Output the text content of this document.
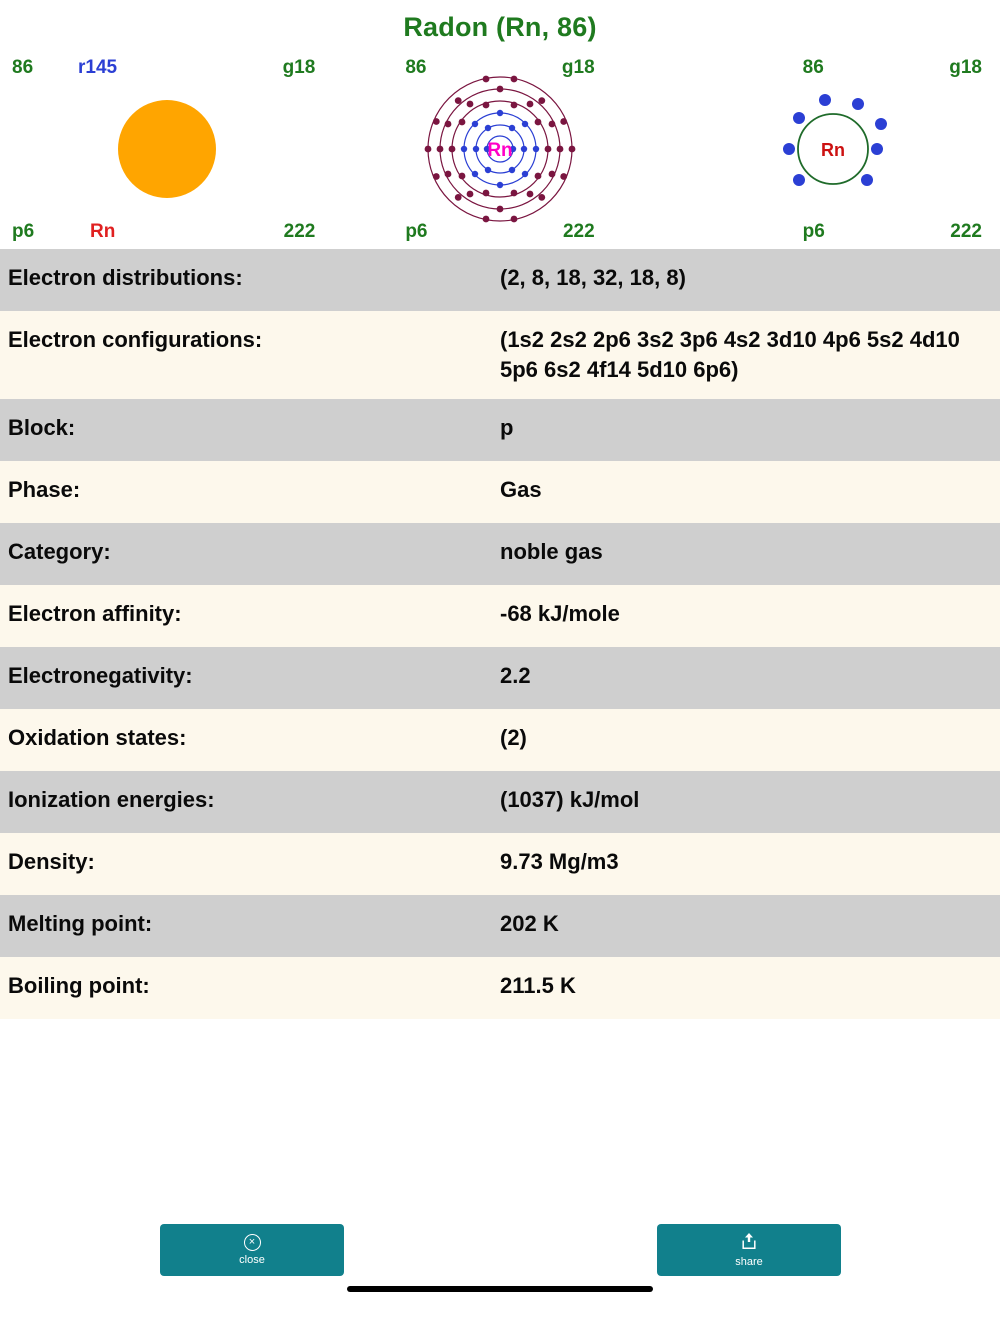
Radon (Rn, 86)
86	g18
p6	222
r145
Rn
86	g18
p6	222
Rn
86	g18
p6	222
Rn
Electron distributions:	(2, 8, 18, 32, 18, 8)
Electron configurations:	(1s2 2s2 2p6 3s2 3p6 4s2 3d10 4p6 5s2 4d10 5p6 6s2 4f14 5d10 6p6)
Block:	p
Phase:	Gas
Category:	noble gas
Electron affinity:	-68 kJ/mole
Electronegativity:	2.2
Oxidation states:	(2)
Ionization energies:	(1037) kJ/mol
Density:	9.73 Mg/m3
Melting point:	202 K
Boiling point:	211.5 K
×
close	share
